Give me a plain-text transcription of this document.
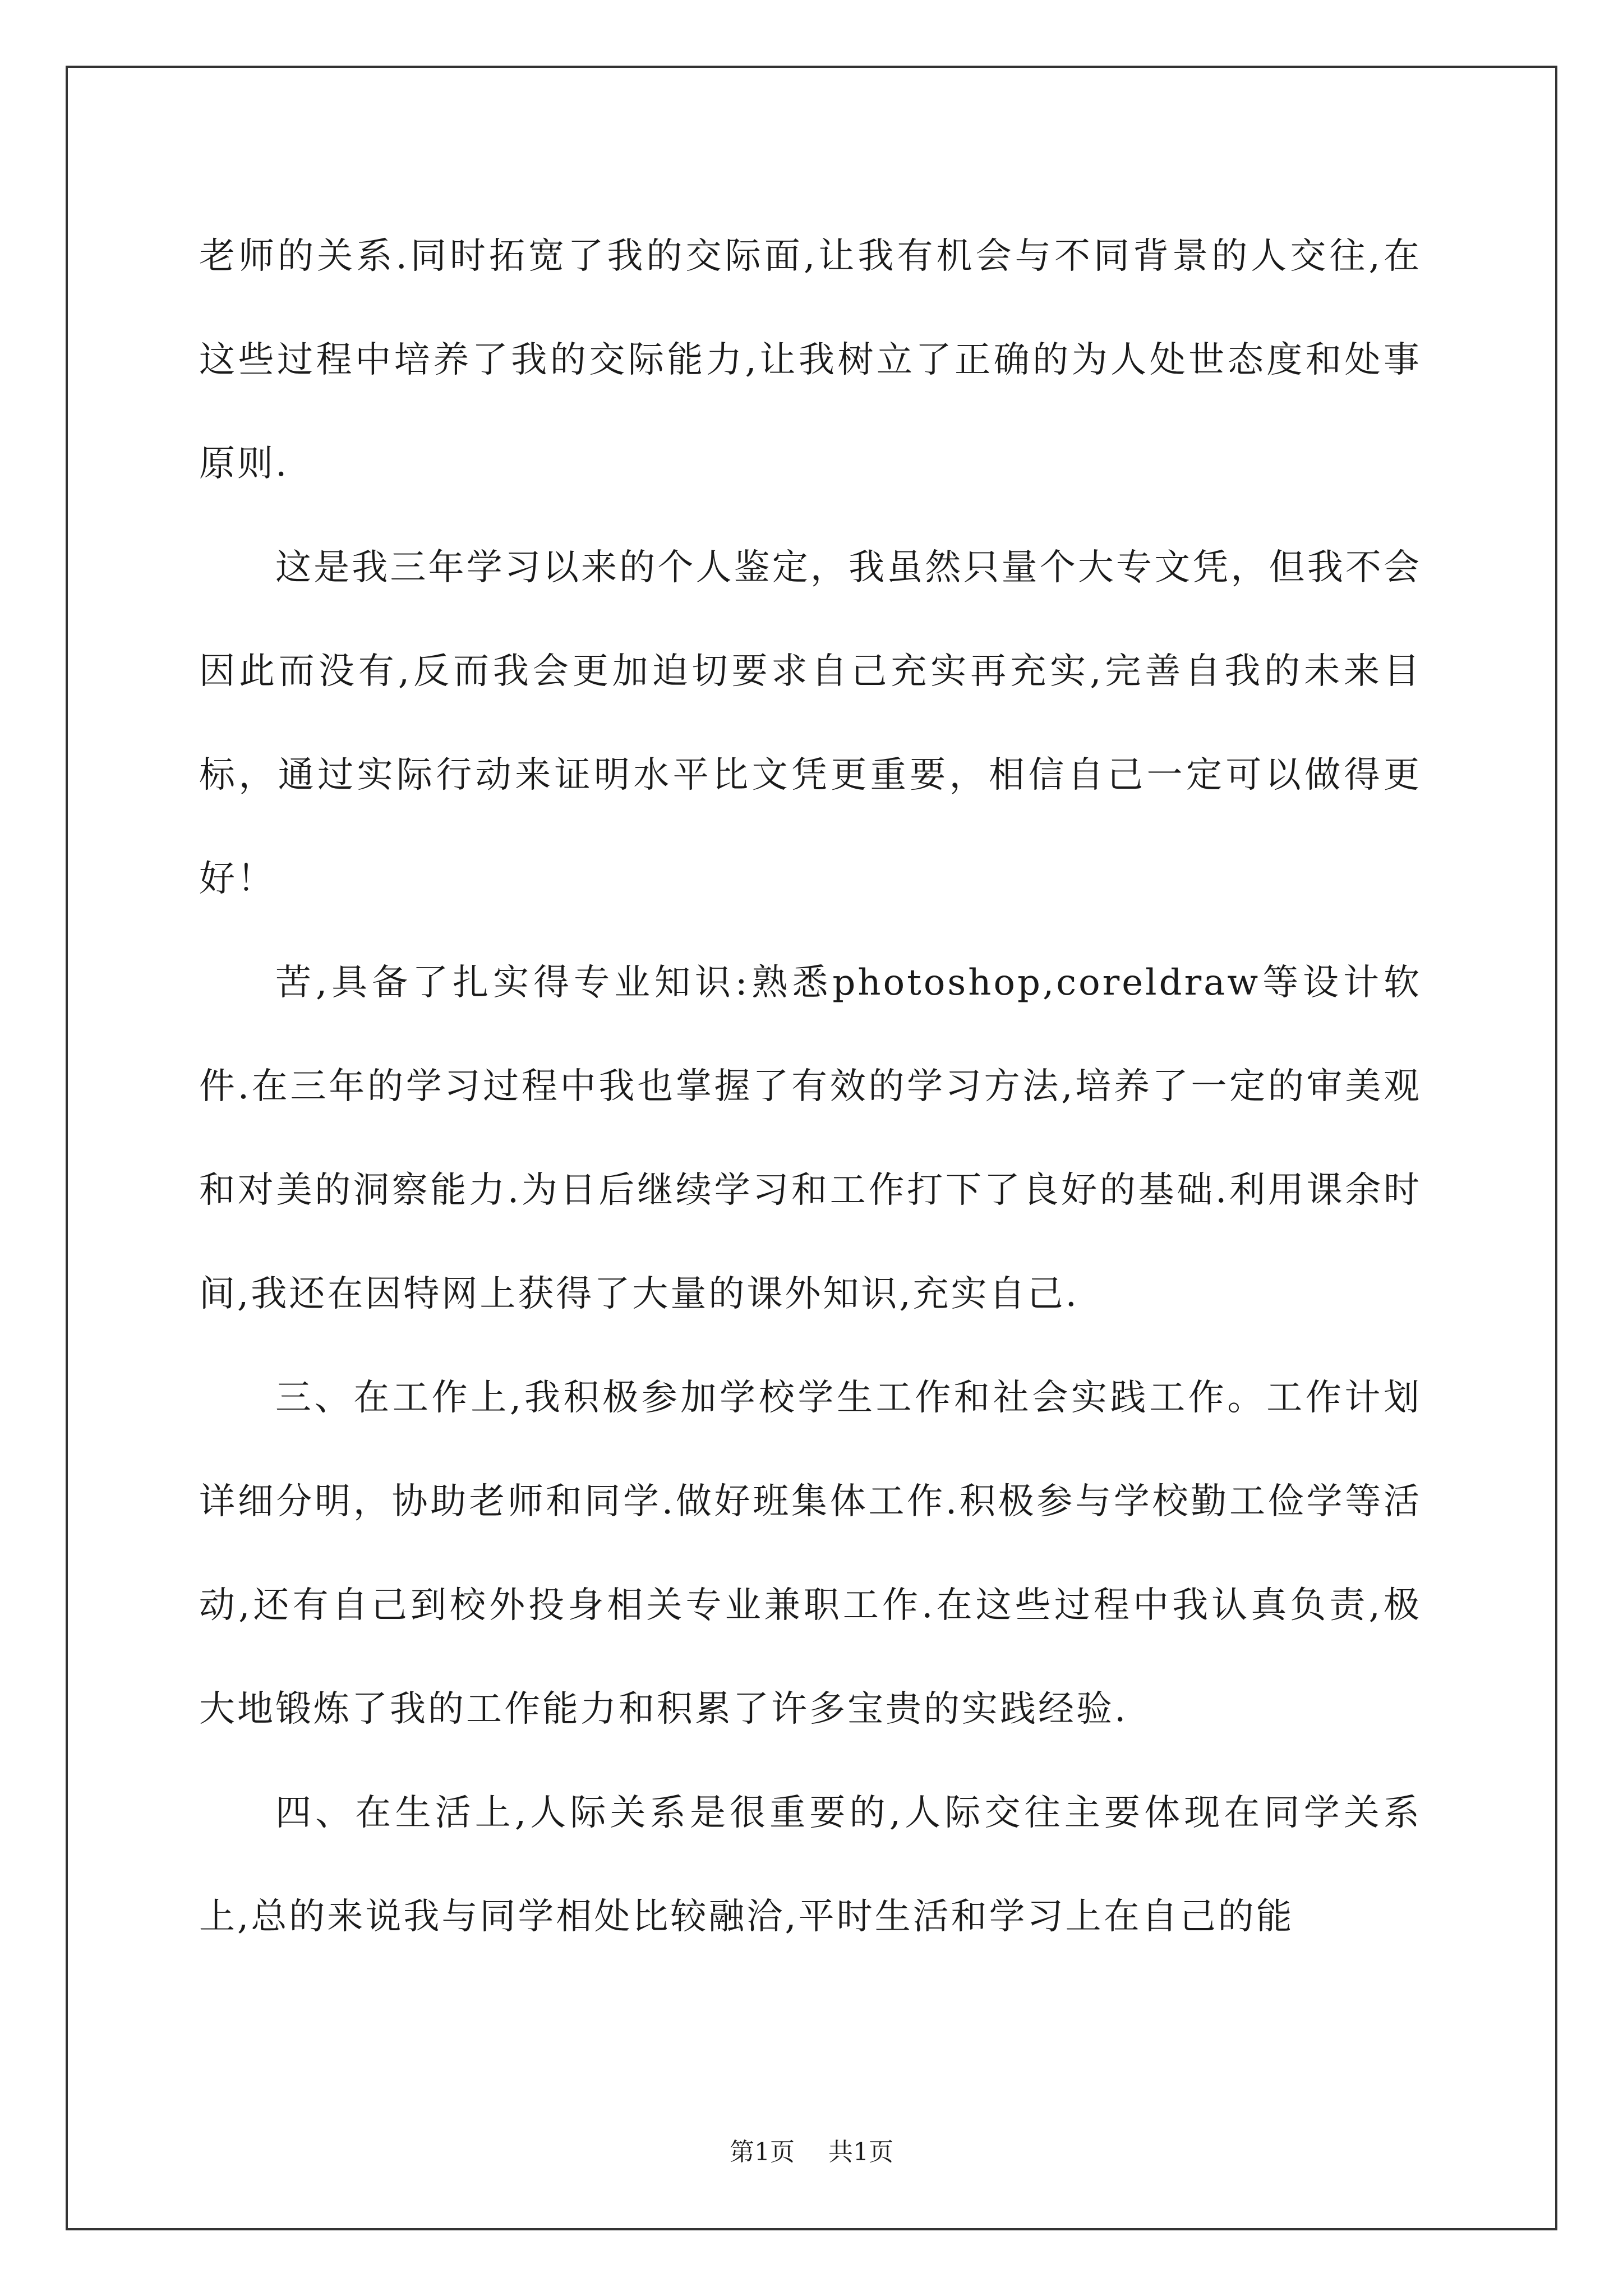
老师的关系.同时拓宽了我的交际面,让我有机会与不同背景的人交往,在这些过程中培养了我的交际能力,让我树立了正确的为人处世态度和处事原则.

这是我三年学习以来的个人鉴定，我虽然只量个大专文凭，但我不会因此而没有,反而我会更加迫切要求自己充实再充实,完善自我的未来目标，通过实际行动来证明水平比文凭更重要，相信自己一定可以做得更好！

苦,具备了扎实得专业知识:熟悉photoshop,coreldraw等设计软件.在三年的学习过程中我也掌握了有效的学习方法,培养了一定的审美观和对美的洞察能力.为日后继续学习和工作打下了良好的基础.利用课余时间,我还在因特网上获得了大量的课外知识,充实自己.

三、在工作上,我积极参加学校学生工作和社会实践工作。工作计划详细分明，协助老师和同学.做好班集体工作.积极参与学校勤工俭学等活动,还有自己到校外投身相关专业兼职工作.在这些过程中我认真负责,极大地锻炼了我的工作能力和积累了许多宝贵的实践经验.

四、在生活上,人际关系是很重要的,人际交往主要体现在同学关系上,总的来说我与同学相处比较融洽,平时生活和学习上在自己的能

第1页 共1页
